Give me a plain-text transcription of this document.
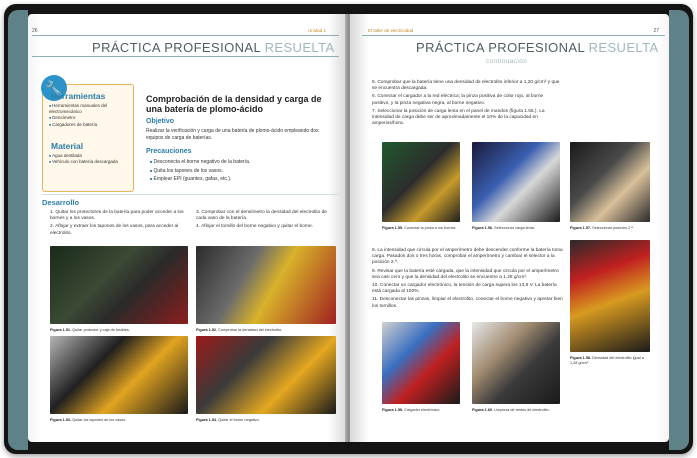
26	Unidad 1
PRÁCTICA PROFESIONAL RESUELTA
🔧
Herramientas
■ Herramientas manuales del electromecánico
■ Densímetro
■ Cargadores de batería
Material
■ Agua destilada
■ Vehículo con batería descargada
Comprobación de la densidad y carga de una batería de plomo-ácido
Objetivo
Realizar la verificación y carga de una batería de plomo-ácido empleando dos equipos de carga de baterías.
Precauciones
■ Desconecta el borne negativo de la batería.
■ Quita los tapones de los vasos.
■ Emplear EPI (guantes, gafas, etc.).
Desarrollo
1. Quitar los protectores de la batería para poder acceder a los bornes y a los vasos.
2. Aflojar y extraer los tapones de los vasos, para acceder al electrolito.
3. Comprobar con el densímetro la densidad del electrolito de cada vaso de la batería.
4. Aflojar el tornillo del borne negativo y quitar el borne.
Figura 1.51. Quitar protector y caja de fusibles.	Figura 1.52. Comprobar la densidad del electrolito.
Figura 1.53. Quitar los tapones de los vasos.	Figura 1.54. Quitar el borne negativo.
El taller de electricidad	27
PRÁCTICA PROFESIONAL RESUELTA
continuación
5. Comprobar que la batería tiene una densidad de electrolito inferior a 1,20 g/cm³ y que se encuentra descargada.
6. Conectar el cargador a la red eléctrica; la pinza positiva de color rojo, al borne positivo, y la pinza negativa negra, al borne negativo.
7. Seleccionar la posición de carga lenta en el panel de mandos (figura 1.55.). La intensidad de carga debe ser de aproximadamente el 10% de la capacidad en amperios/hora.
Figura 1.55. Conectar la pinza a los bornes.	Figura 1.56. Seleccionar carga lenta.	Figura 1.57. Seleccionar posición 2.ª.
8. La intensidad que circula por el amperímetro debe descender conforme la batería toma carga. Pasados dos o tres horas, comprobar el amperímetro y cambiar el selector a la posición 2.ª.
9. Revisar que la batería esté cargada, que la intensidad que circula por el amperímetro sea casi cero y que la densidad del electrolito se encuentre a 1,28 g/cm³.
10. Conectar un cargador electrónico, la tensión de carga supera los 13,8 V. La batería está cargada al 100%.
11. Desconectar las pinzas, limpiar el electrolito, conectar el borne negativo y apretar bien los tornillos.
Figura 1.58. Densidad del electrolito igual a 1,28 g/cm³.
Figura 1.59. Cargador electrónico.	Figura 1.60. Limpieza de restos de electrolito.
